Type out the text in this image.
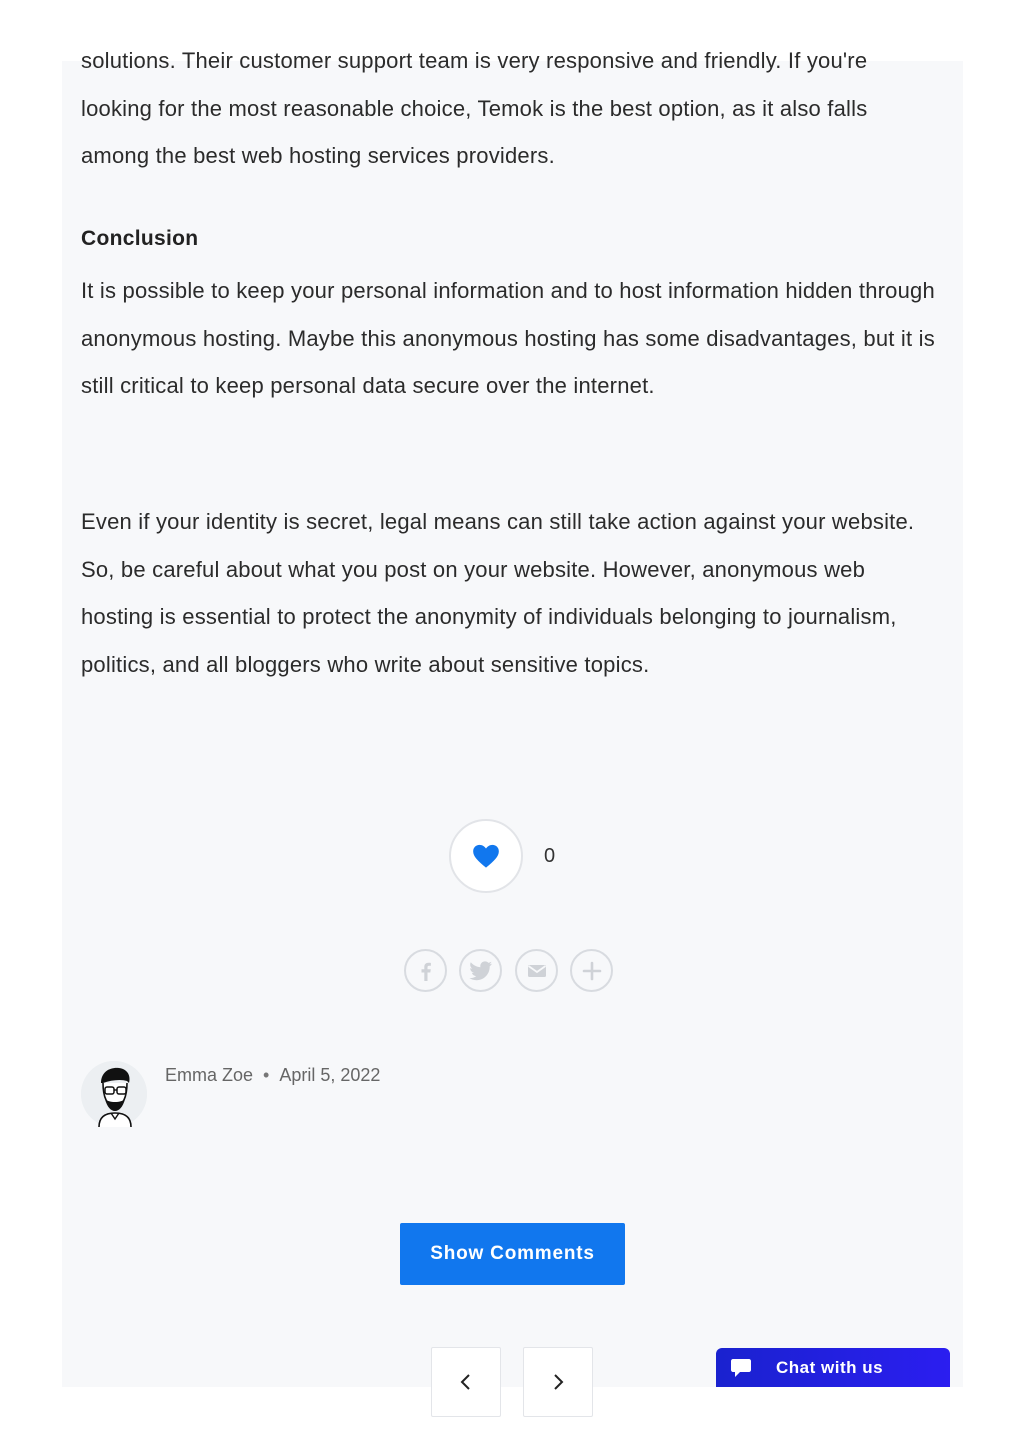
solutions. Their customer support team is very responsive and friendly. If you're looking for the most reasonable choice, Temok is the best option, as it also falls among the best web hosting services providers.
Conclusion
It is possible to keep your personal information and to host information hidden through anonymous hosting. Maybe this anonymous hosting has some disadvantages, but it is still critical to keep personal data secure over the internet.
Even if your identity is secret, legal means can still take action against your website. So, be careful about what you post on your website. However, anonymous web hosting is essential to protect the anonymity of individuals belonging to journalism, politics, and all bloggers who write about sensitive topics.
0
Emma Zoe • April 5, 2022
Show Comments
Chat with us
